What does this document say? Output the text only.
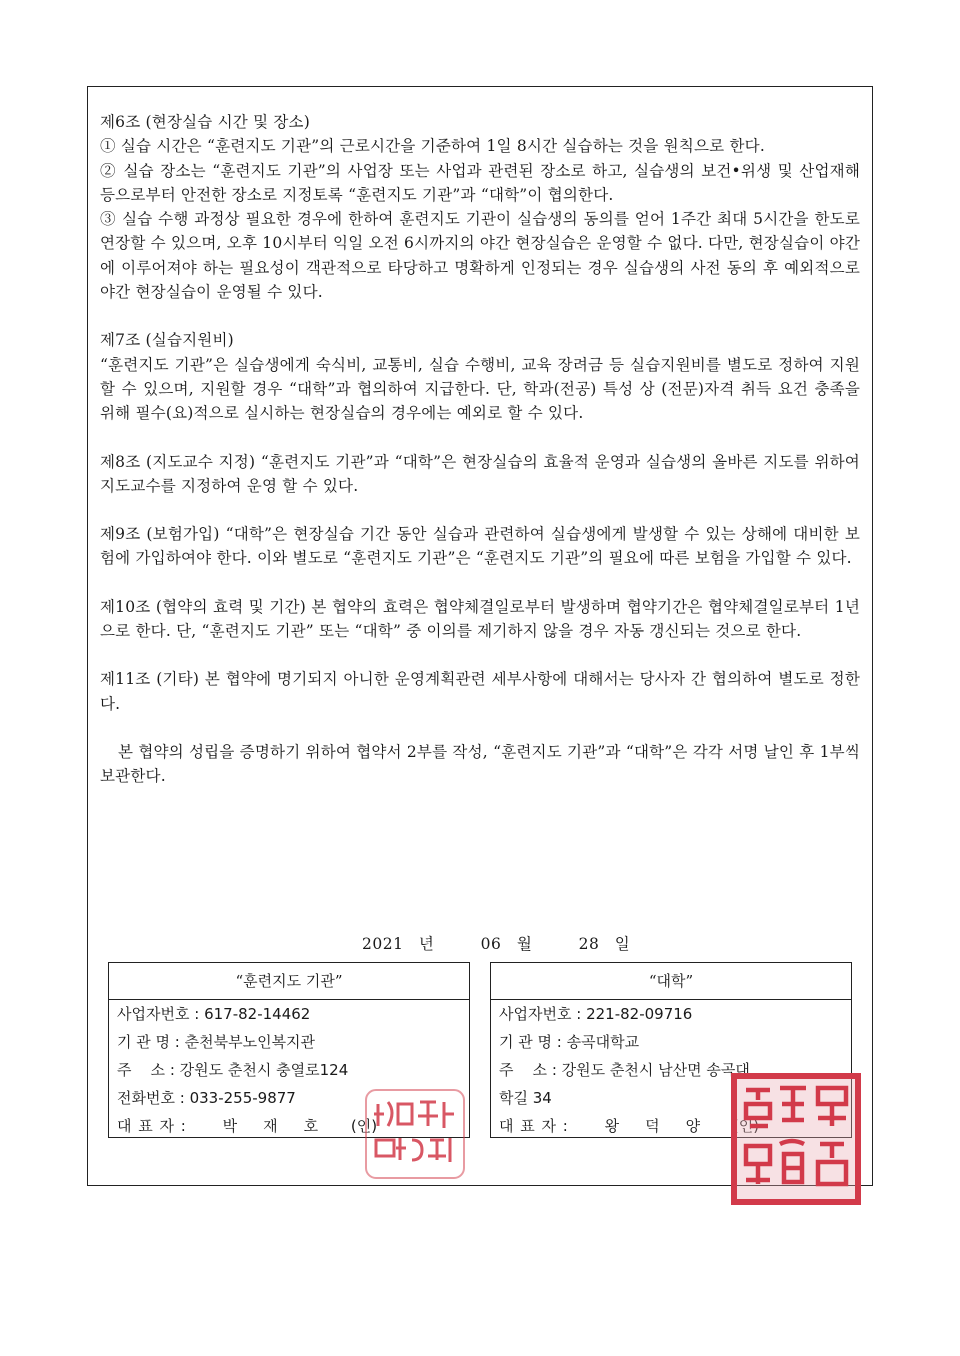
제6조 (현장실습 시간 및 장소)

① 실습 시간은 “훈련지도 기관”의 근로시간을 기준하여 1일 8시간 실습하는 것을 원칙으로 한다.

② 실습 장소는 “훈련지도 기관”의 사업장 또는 사업과 관련된 장소로 하고, 실습생의 보건•위생 및 산업재해 등으로부터 안전한 장소로 지정토록 “훈련지도 기관”과 “대학”이 협의한다.

③ 실습 수행 과정상 필요한 경우에 한하여 훈련지도 기관이 실습생의 동의를 얻어 1주간 최대 5시간을 한도로 연장할 수 있으며, 오후 10시부터 익일 오전 6시까지의 야간 현장실습은 운영할 수 없다. 다만, 현장실습이 야간에 이루어져야 하는 필요성이 객관적으로 타당하고 명확하게 인정되는 경우 실습생의 사전 동의 후 예외적으로 야간 현장실습이 운영될 수 있다.

제7조 (실습지원비)

“훈련지도 기관”은 실습생에게 숙식비, 교통비, 실습 수행비, 교육 장려금 등 실습지원비를 별도로 정하여 지원할 수 있으며, 지원할 경우 “대학”과 협의하여 지급한다. 단, 학과(전공) 특성 상 (전문)자격 취득 요건 충족을 위해 필수(요)적으로 실시하는 현장실습의 경우에는 예외로 할 수 있다.

제8조 (지도교수 지정) “훈련지도 기관”과 “대학”은 현장실습의 효율적 운영과 실습생의 올바른 지도를 위하여 지도교수를 지정하여 운영 할 수 있다.

제9조 (보험가입) “대학”은 현장실습 기간 동안 실습과 관련하여 실습생에게 발생할 수 있는 상해에 대비한 보험에 가입하여야 한다. 이와 별도로 “훈련지도 기관”은 “훈련지도 기관”의 필요에 따른 보험을 가입할 수 있다.

제10조 (협약의 효력 및 기간) 본 협약의 효력은 협약체결일로부터 발생하며 협약기간은 협약체결일로부터 1년으로 한다. 단, “훈련지도 기관” 또는 “대학” 중 이의를 제기하지 않을 경우 자동 갱신되는 것으로 한다.

제11조 (기타) 본 협약에 명기되지 아니한 운영계획관련 세부사항에 대해서는 당사자 간 협의하여 별도로 정한다.

본 협약의 성립을 증명하기 위하여 협약서 2부를 작성, “훈련지도 기관”과 “대학”은 각각 서명 날인 후 1부씩 보관한다.

2021 년	06 월	28 일
“훈련지도 기관”
사업자번호 : 617-82-14462
기 관 명 : 춘천북부노인복지관
주    소 : 강원도 춘천시 충열로124
전화번호 : 033-255-9877
대 표 자 : 박재호 (인)
“대학”
사업자번호 : 221-82-09716
기 관 명 : 송곡대학교
주    소 : 강원도 춘천시 남산면 송곡대
학길 34
대 표 자 : 왕덕양 (인)
